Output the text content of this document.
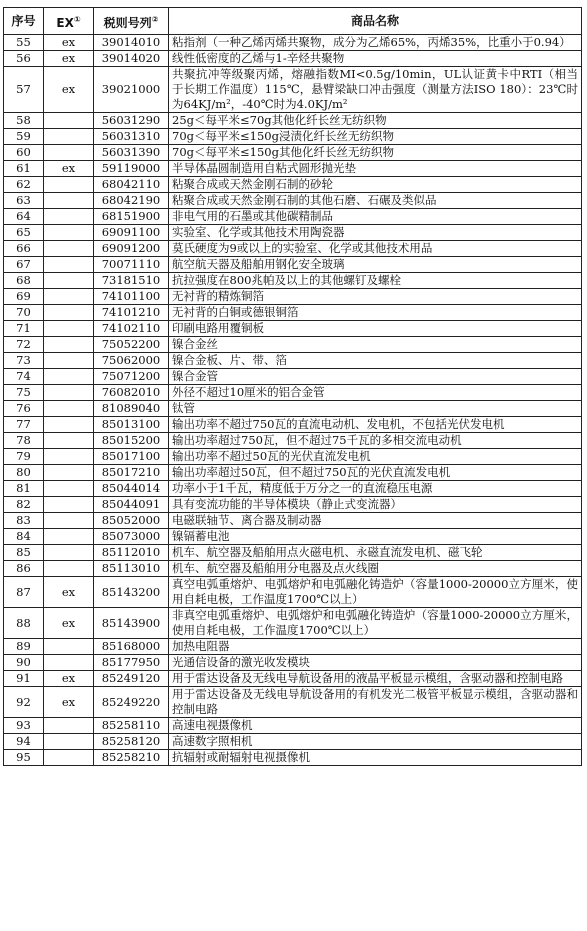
序号	EX①	税则号列②	商品名称
55	ex	39014010	粘指剂（一种乙烯丙烯共聚物，成分为乙烯65%，丙烯35%，比重小于0.94）
56	ex	39014020	线性低密度的乙烯与1-辛烃共聚物
57	ex	39021000	共聚抗冲等级聚丙烯，熔融指数MI<0.5g/10min，UL认证黄卡中RTI（相当于长期工作温度）115℃，悬臂梁缺口冲击强度（测量方法ISO 180）：23℃时为64KJ/m²，-40℃时为4.0KJ/m²
58		56031290	25g＜每平米≤70g其他化纤长丝无纺织物
59		56031310	70g＜每平米≤150g浸渍化纤长丝无纺织物
60		56031390	70g＜每平米≤150g其他化纤长丝无纺织物
61	ex	59119000	半导体晶圆制造用自粘式圆形抛光垫
62		68042110	粘聚合成或天然金刚石制的砂轮
63		68042190	粘聚合成或天然金刚石制的其他石磨、石碾及类似品
64		68151900	非电气用的石墨或其他碳精制品
65		69091100	实验室、化学或其他技术用陶瓷器
66		69091200	莫氏硬度为9或以上的实验室、化学或其他技术用品
67		70071110	航空航天器及船舶用钢化安全玻璃
68		73181510	抗拉强度在800兆帕及以上的其他螺钉及螺栓
69		74101100	无衬背的精炼铜箔
70		74101210	无衬背的白铜或德银铜箔
71		74102110	印刷电路用覆铜板
72		75052200	镍合金丝
73		75062000	镍合金板、片、带、箔
74		75071200	镍合金管
75		76082010	外径不超过10厘米的铝合金管
76		81089040	钛管
77		85013100	输出功率不超过750瓦的直流电动机、发电机，不包括光伏发电机
78		85015200	输出功率超过750瓦，但不超过75千瓦的多相交流电动机
79		85017100	输出功率不超过50瓦的光伏直流发电机
80		85017210	输出功率超过50瓦，但不超过750瓦的光伏直流发电机
81		85044014	功率小于1千瓦，精度低于万分之一的直流稳压电源
82		85044091	具有变流功能的半导体模块（静止式变流器）
83		85052000	电磁联轴节、离合器及制动器
84		85073000	镍镉蓄电池
85		85112010	机车、航空器及船舶用点火磁电机、永磁直流发电机、磁飞轮
86		85113010	机车、航空器及船舶用分电器及点火线圈
87	ex	85143200	真空电弧重熔炉、电弧熔炉和电弧融化铸造炉（容量1000-20000立方厘米，使用自耗电极，工作温度1700℃以上）
88	ex	85143900	非真空电弧重熔炉、电弧熔炉和电弧融化铸造炉（容量1000-20000立方厘米，使用自耗电极，工作温度1700℃以上）
89		85168000	加热电阻器
90		85177950	光通信设备的激光收发模块
91	ex	85249120	用于雷达设备及无线电导航设备用的液晶平板显示模组，含驱动器和控制电路
92	ex	85249220	用于雷达设备及无线电导航设备用的有机发光二极管平板显示模组，含驱动器和控制电路
93		85258110	高速电视摄像机
94		85258120	高速数字照相机
95		85258210	抗辐射或耐辐射电视摄像机
